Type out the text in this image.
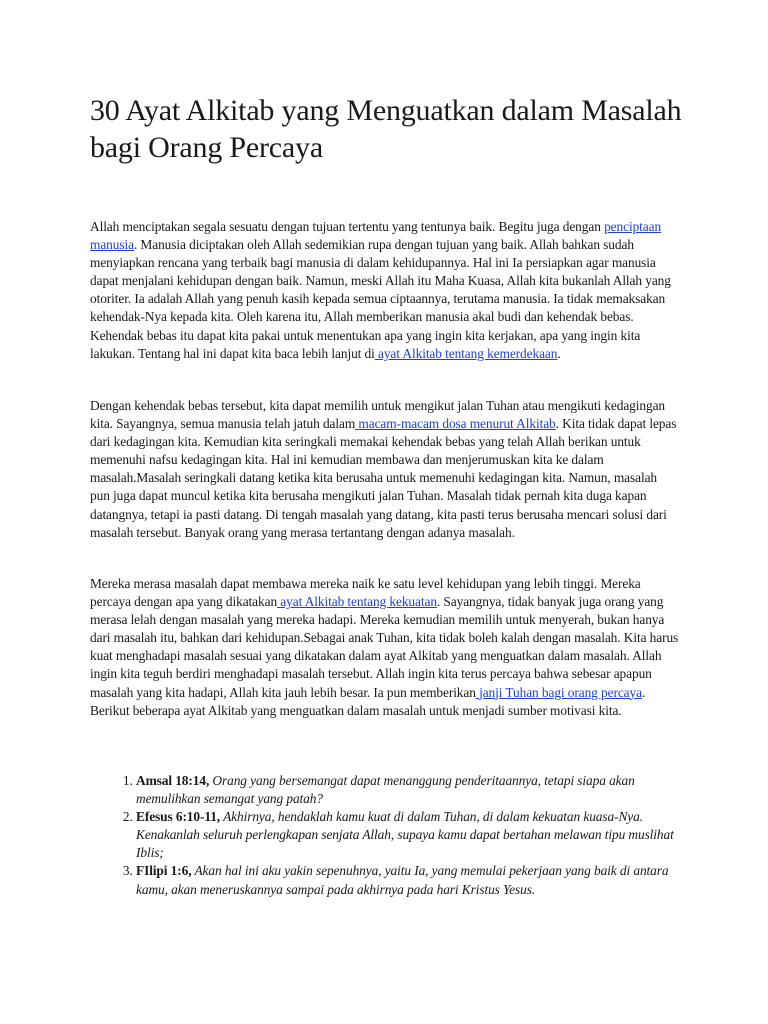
30 Ayat Alkitab yang Menguatkan dalam Masalah bagi Orang Percaya

Allah menciptakan segala sesuatu dengan tujuan tertentu yang tentunya baik. Begitu juga dengan penciptaan manusia. Manusia diciptakan oleh Allah sedemikian rupa dengan tujuan yang baik. Allah bahkan sudah menyiapkan rencana yang terbaik bagi manusia di dalam kehidupannya. Hal ini Ia persiapkan agar manusia dapat menjalani kehidupan dengan baik. Namun, meski Allah itu Maha Kuasa, Allah kita bukanlah Allah yang otoriter. Ia adalah Allah yang penuh kasih kepada semua ciptaannya, terutama manusia. Ia tidak memaksakan kehendak-Nya kepada kita. Oleh karena itu, Allah memberikan manusia akal budi dan kehendak bebas. Kehendak bebas itu dapat kita pakai untuk menentukan apa yang ingin kita kerjakan, apa yang ingin kita lakukan. Tentang hal ini dapat kita baca lebih lanjut di ayat Alkitab tentang kemerdekaan.

Dengan kehendak bebas tersebut, kita dapat memilih untuk mengikut jalan Tuhan atau mengikuti kedagingan kita. Sayangnya, semua manusia telah jatuh dalam macam-macam dosa menurut Alkitab. Kita tidak dapat lepas dari kedagingan kita. Kemudian kita seringkali memakai kehendak bebas yang telah Allah berikan untuk memenuhi nafsu kedagingan kita. Hal ini kemudian membawa dan menjerumuskan kita ke dalam masalah.Masalah seringkali datang ketika kita berusaha untuk memenuhi kedagingan kita. Namun, masalah pun juga dapat muncul ketika kita berusaha mengikuti jalan Tuhan. Masalah tidak pernah kita duga kapan datangnya, tetapi ia pasti datang. Di tengah masalah yang datang, kita pasti terus berusaha mencari solusi dari masalah tersebut. Banyak orang yang merasa tertantang dengan adanya masalah.

Mereka merasa masalah dapat membawa mereka naik ke satu level kehidupan yang lebih tinggi. Mereka percaya dengan apa yang dikatakan ayat Alkitab tentang kekuatan. Sayangnya, tidak banyak juga orang yang merasa lelah dengan masalah yang mereka hadapi. Mereka kemudian memilih untuk menyerah, bukan hanya dari masalah itu, bahkan dari kehidupan.Sebagai anak Tuhan, kita tidak boleh kalah dengan masalah. Kita harus kuat menghadapi masalah sesuai yang dikatakan dalam ayat Alkitab yang menguatkan dalam masalah. Allah ingin kita teguh berdiri menghadapi masalah tersebut. Allah ingin kita terus percaya bahwa sebesar apapun masalah yang kita hadapi, Allah kita jauh lebih besar. Ia pun memberikan janji Tuhan bagi orang percaya. Berikut beberapa ayat Alkitab yang menguatkan dalam masalah untuk menjadi sumber motivasi kita.

1. Amsal 18:14, Orang yang bersemangat dapat menanggung penderitaannya, tetapi siapa akan memulihkan semangat yang patah?
2. Efesus 6:10-11, Akhirnya, hendaklah kamu kuat di dalam Tuhan, di dalam kekuatan kuasa-Nya. Kenakanlah seluruh perlengkapan senjata Allah, supaya kamu dapat bertahan melawan tipu muslihat Iblis;
3. FIlipi 1:6, Akan hal ini aku yakin sepenuhnya, yaitu Ia, yang memulai pekerjaan yang baik di antara kamu, akan meneruskannya sampai pada akhirnya pada hari Kristus Yesus.
